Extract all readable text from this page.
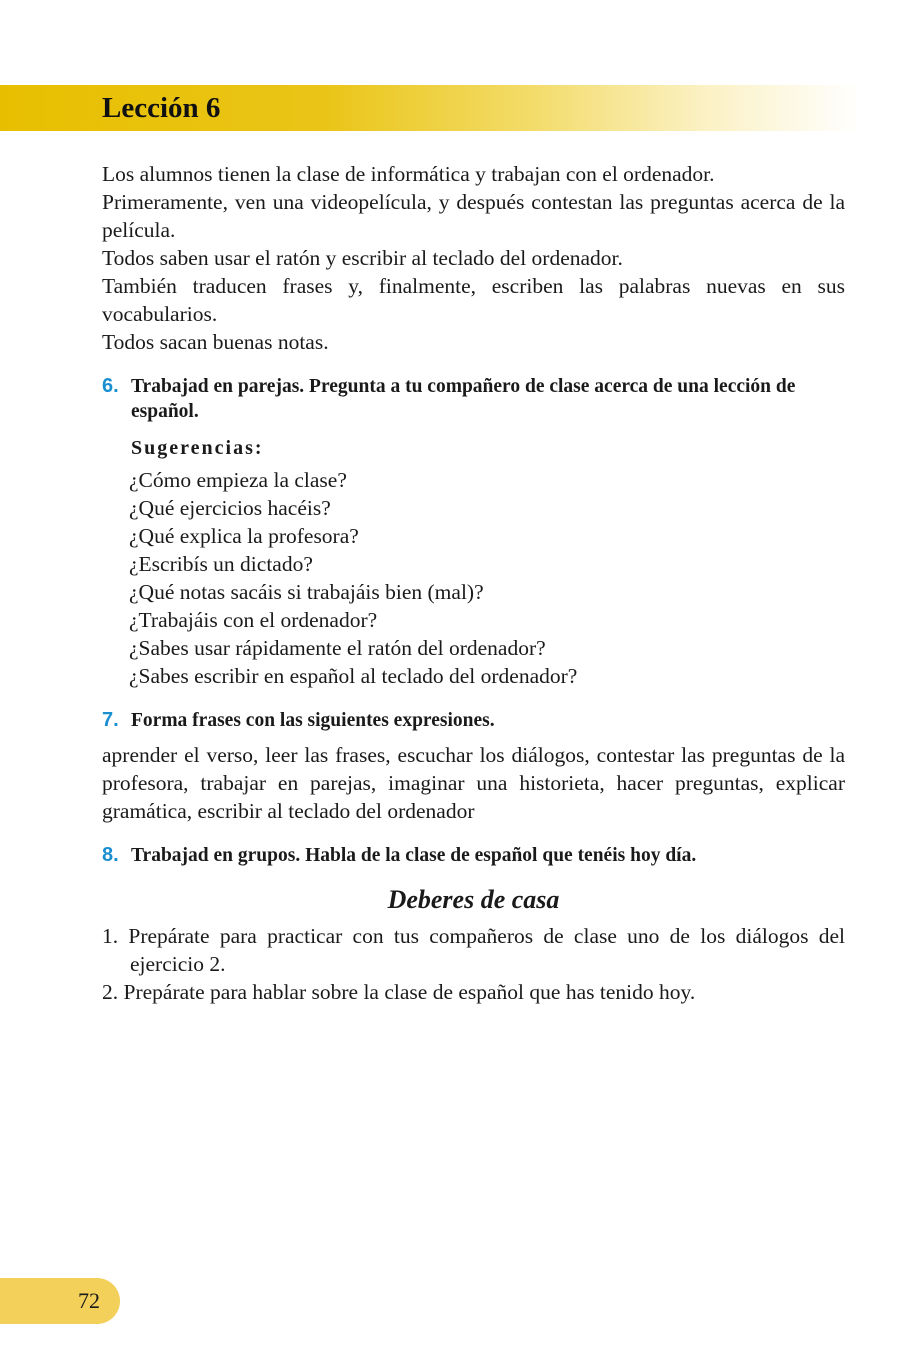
Lección 6

Los alumnos tienen la clase de informática y trabajan con el ordenador.

Primeramente, ven una videopelícula, y después contestan las preguntas acerca de la película.

Todos saben usar el ratón y escribir al teclado del ordenador.

También traducen frases y, finalmente, escriben las palabras nuevas en sus vocabularios.

Todos sacan buenas notas.

6. Trabajad en parejas. Pregunta a tu compañero de clase acerca de una lección de español.
Sugerencias:
¿Cómo empieza la clase?
¿Qué ejercicios hacéis?
¿Qué explica la profesora?
¿Escribís un dictado?
¿Qué notas sacáis si trabajáis bien (mal)?
¿Trabajáis con el ordenador?
¿Sabes usar rápidamente el ratón del ordenador?
¿Sabes escribir en español al teclado del ordenador?
7. Forma frases con las siguientes expresiones.

aprender el verso, leer las frases, escuchar los diálogos, contestar las preguntas de la profesora, trabajar en parejas, imaginar una historieta, hacer preguntas, explicar gramática, escribir al teclado del ordenador

8. Trabajad en grupos. Habla de la clase de español que tenéis hoy día.
Deberes de casa
1. Prepárate para practicar con tus compañeros de clase uno de los diálogos del ejercicio 2.
2. Prepárate para hablar sobre la clase de español que has tenido hoy.
72
